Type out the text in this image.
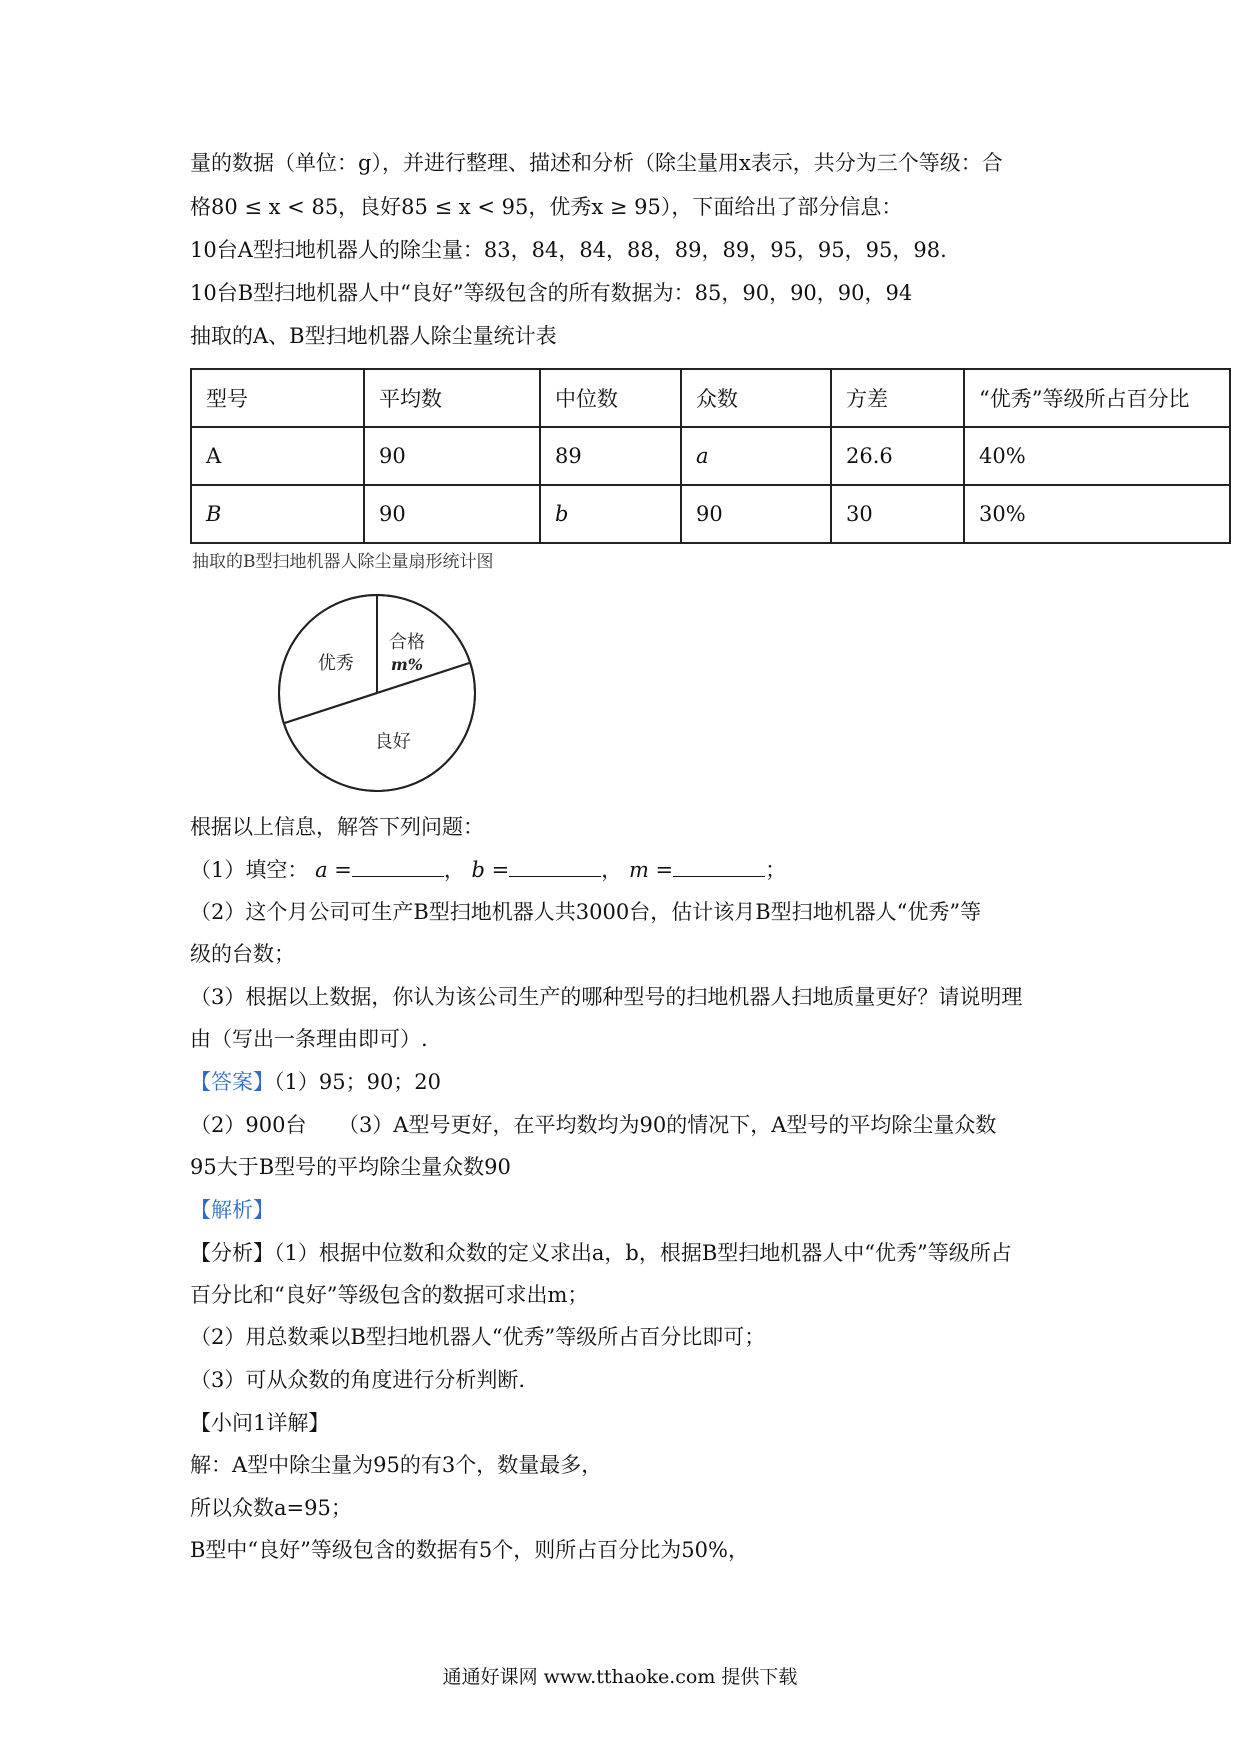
量的数据（单位：g），并进行整理、描述和分析（除尘量用x表示，共分为三个等级：合
格80 ≤ x < 85，良好85 ≤ x < 95，优秀x ≥ 95），下面给出了部分信息：
10台A型扫地机器人的除尘量：83，84，84，88，89，89，95，95，95，98.
10台B型扫地机器人中“良好”等级包含的所有数据为：85，90，90，90，94
抽取的A、B型扫地机器人除尘量统计表
型号	平均数	中位数	众数	方差	“优秀”等级所占百分比
A	90	89	a	26.6	40%
B	90	b	90	30	30%
抽取的B型扫地机器人除尘量扇形统计图
优秀
合格
m%
良好
根据以上信息，解答下列问题：
（1）填空： a =	， b =	， m =	；
（2）这个月公司可生产B型扫地机器人共3000台，估计该月B型扫地机器人“优秀”等
级的台数；
（3）根据以上数据，你认为该公司生产的哪种型号的扫地机器人扫地质量更好？请说明理
由（写出一条理由即可）.
【答案】（1）95；90；20
（2）900台　　（3）A型号更好，在平均数均为90的情况下，A型号的平均除尘量众数
95大于B型号的平均除尘量众数90
【解析】
【分析】（1）根据中位数和众数的定义求出a，b，根据B型扫地机器人中“优秀”等级所占
百分比和“良好”等级包含的数据可求出m；
（2）用总数乘以B型扫地机器人“优秀”等级所占百分比即可；
（3）可从众数的角度进行分析判断.
【小问1详解】
解：A型中除尘量为95的有3个，数量最多，
所以众数a=95；
B型中“良好”等级包含的数据有5个，则所占百分比为50%，
通通好课网 www.tthaoke.com 提供下载
